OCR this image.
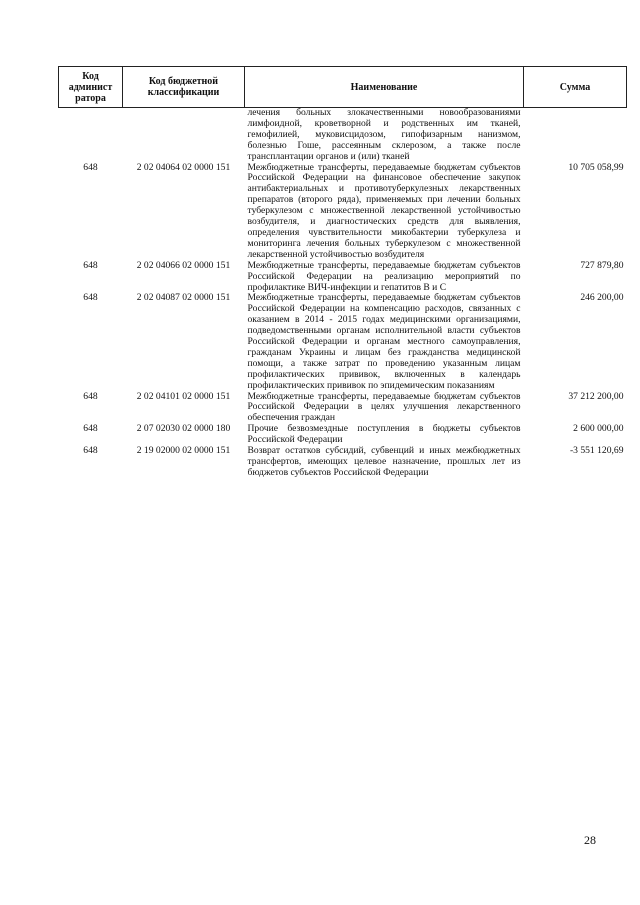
Код админист ратора	Код бюджетной классификации	Наименование	Сумма
		лечения больных злокачественными новообразованиями лимфоидной, кроветворной и родственных им тканей, гемофилией, муковисцидозом, гипофизарным нанизмом, болезнью Гоше, рассеянным склерозом, а также после трансплантации органов и (или) тканей	
648	2 02 04064 02 0000 151	Межбюджетные трансферты, передаваемые бюджетам субъектов Российской Федерации на финансовое обеспечение закупок антибактериальных и противотуберкулезных лекарственных препаратов (второго ряда), применяемых при лечении больных туберкулезом с множественной лекарственной устойчивостью возбудителя, и диагностических средств для выявления, определения чувствительности микобактерии туберкулеза и мониторинга лечения больных туберкулезом с множественной лекарственной устойчивостью возбудителя	10 705 058,99
648	2 02 04066 02 0000 151	Межбюджетные трансферты, передаваемые бюджетам субъектов Российской Федерации на реализацию мероприятий по профилактике ВИЧ-инфекции и гепатитов В и С	727 879,80
648	2 02 04087 02 0000 151	Межбюджетные трансферты, передаваемые бюджетам субъектов Российской Федерации на компенсацию расходов, связанных с оказанием в 2014 - 2015 годах медицинскими организациями, подведомственными органам исполнительной власти субъектов Российской Федерации и органам местного самоуправления, гражданам Украины и лицам без гражданства медицинской помощи, а также затрат по проведению указанным лицам профилактических прививок, включенных в календарь профилактических прививок по эпидемическим показаниям	246 200,00
648	2 02 04101 02 0000 151	Межбюджетные трансферты, передаваемые бюджетам субъектов Российской Федерации в целях улучшения лекарственного обеспечения граждан	37 212 200,00
648	2 07 02030 02 0000 180	Прочие безвозмездные поступления в бюджеты субъектов Российской Федерации	2 600 000,00
648	2 19 02000 02 0000 151	Возврат остатков субсидий, субвенций и иных межбюджетных трансфертов, имеющих целевое назначение, прошлых лет из бюджетов субъектов Российской Федерации	-3 551 120,69
28
